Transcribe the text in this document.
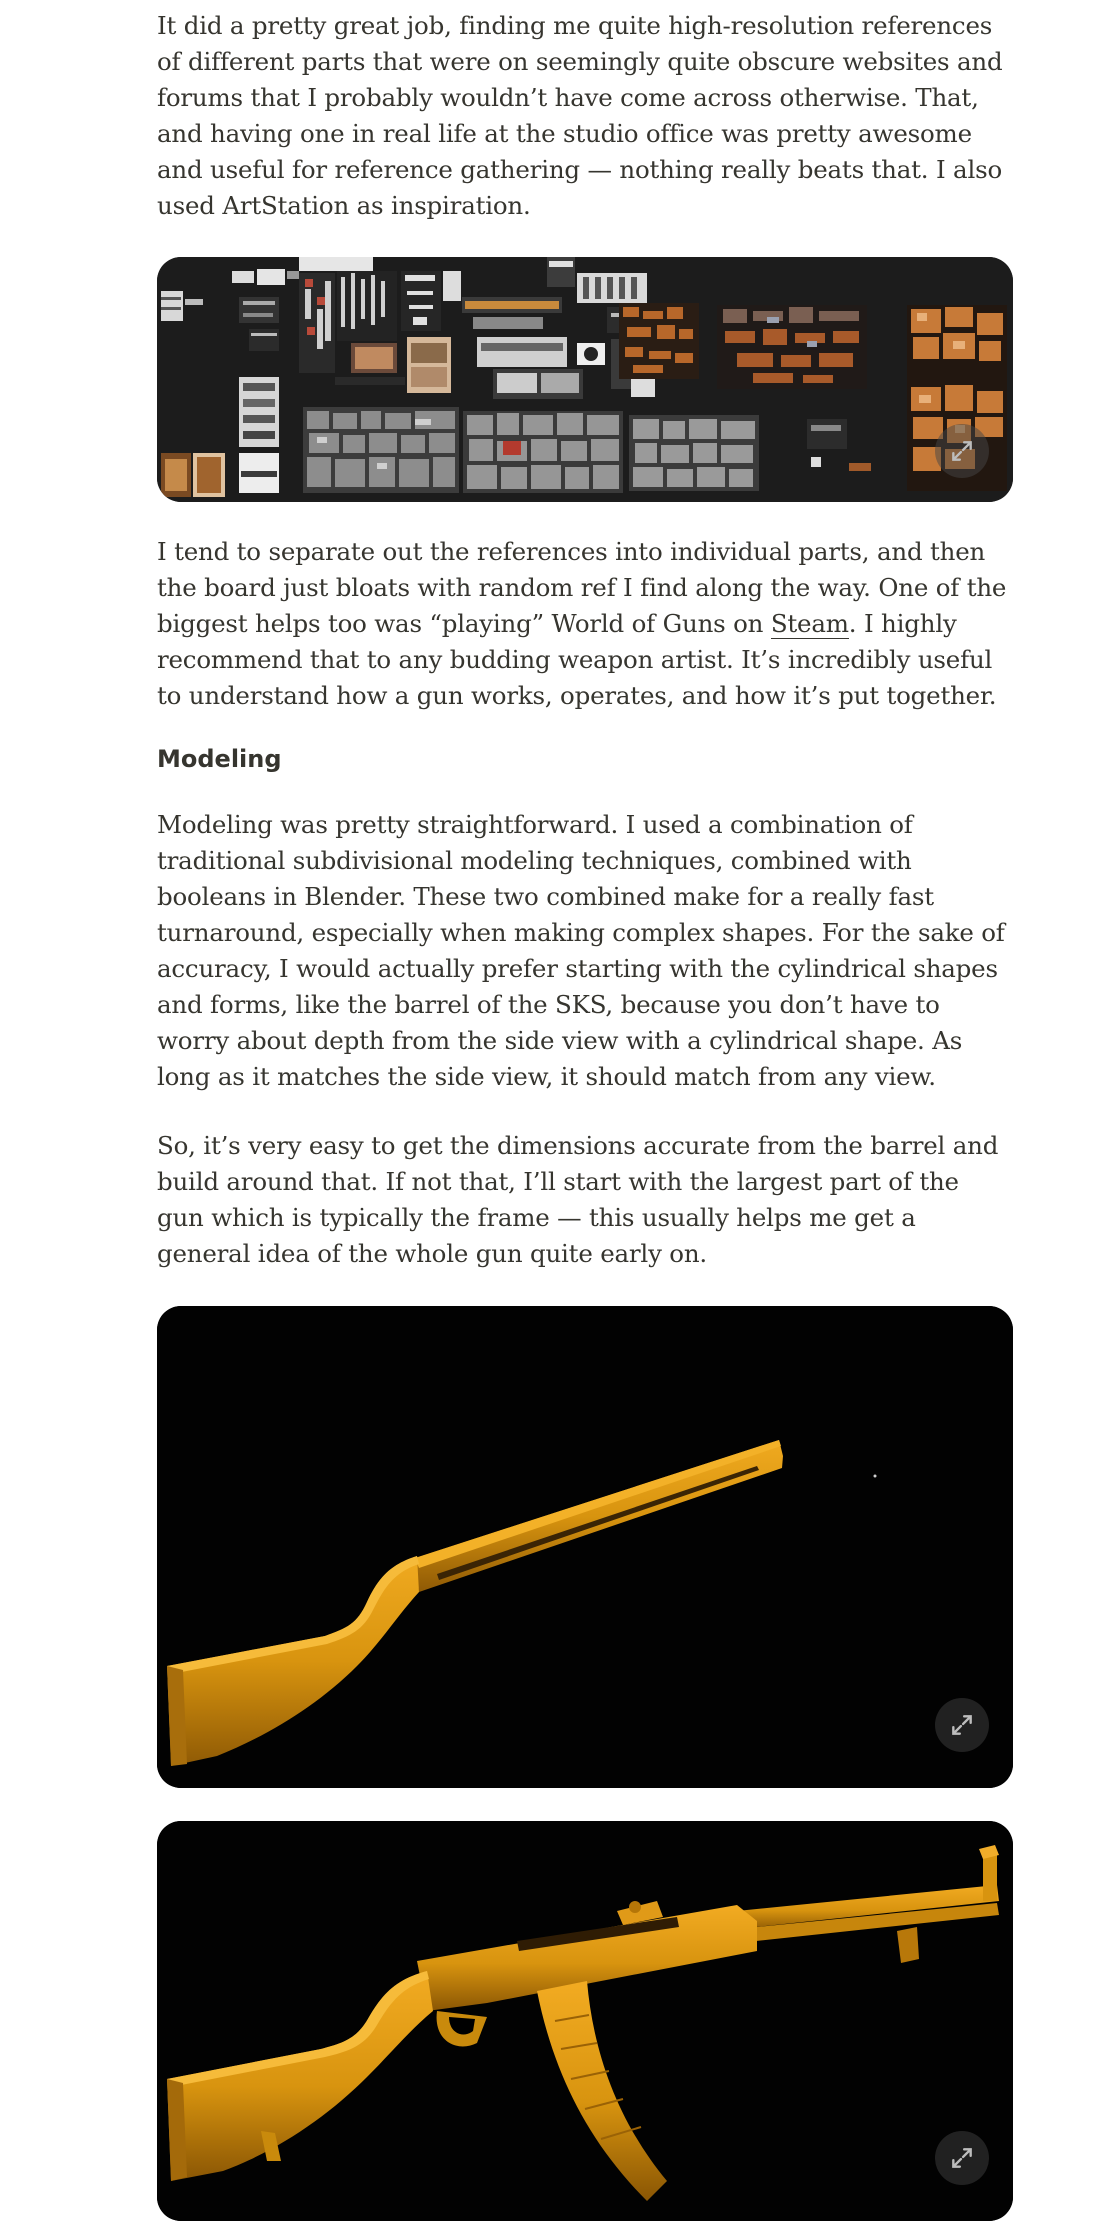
It did a pretty great job, finding me quite high-resolution references of different parts that were on seemingly quite obscure websites and forums that I probably wouldn’t have come across otherwise. That, and having one in real life at the studio office was pretty awesome and useful for reference gathering — nothing really beats that. I also used ArtStation as inspiration.

I tend to separate out the references into individual parts, and then the board just bloats with random ref I find along the way. One of the biggest helps too was “playing” World of Guns on Steam. I highly recommend that to any budding weapon artist. It’s incredibly useful to understand how a gun works, operates, and how it’s put together.

Modeling

Modeling was pretty straightforward. I used a combination of traditional subdivisional modeling techniques, combined with booleans in Blender. These two combined make for a really fast turnaround, especially when making complex shapes. For the sake of accuracy, I would actually prefer starting with the cylindrical shapes and forms, like the barrel of the SKS, because you don’t have to worry about depth from the side view with a cylindrical shape. As long as it matches the side view, it should match from any view.

So, it’s very easy to get the dimensions accurate from the barrel and build around that. If not that, I’ll start with the largest part of the gun which is typically the frame — this usually helps me get a general idea of the whole gun quite early on.
